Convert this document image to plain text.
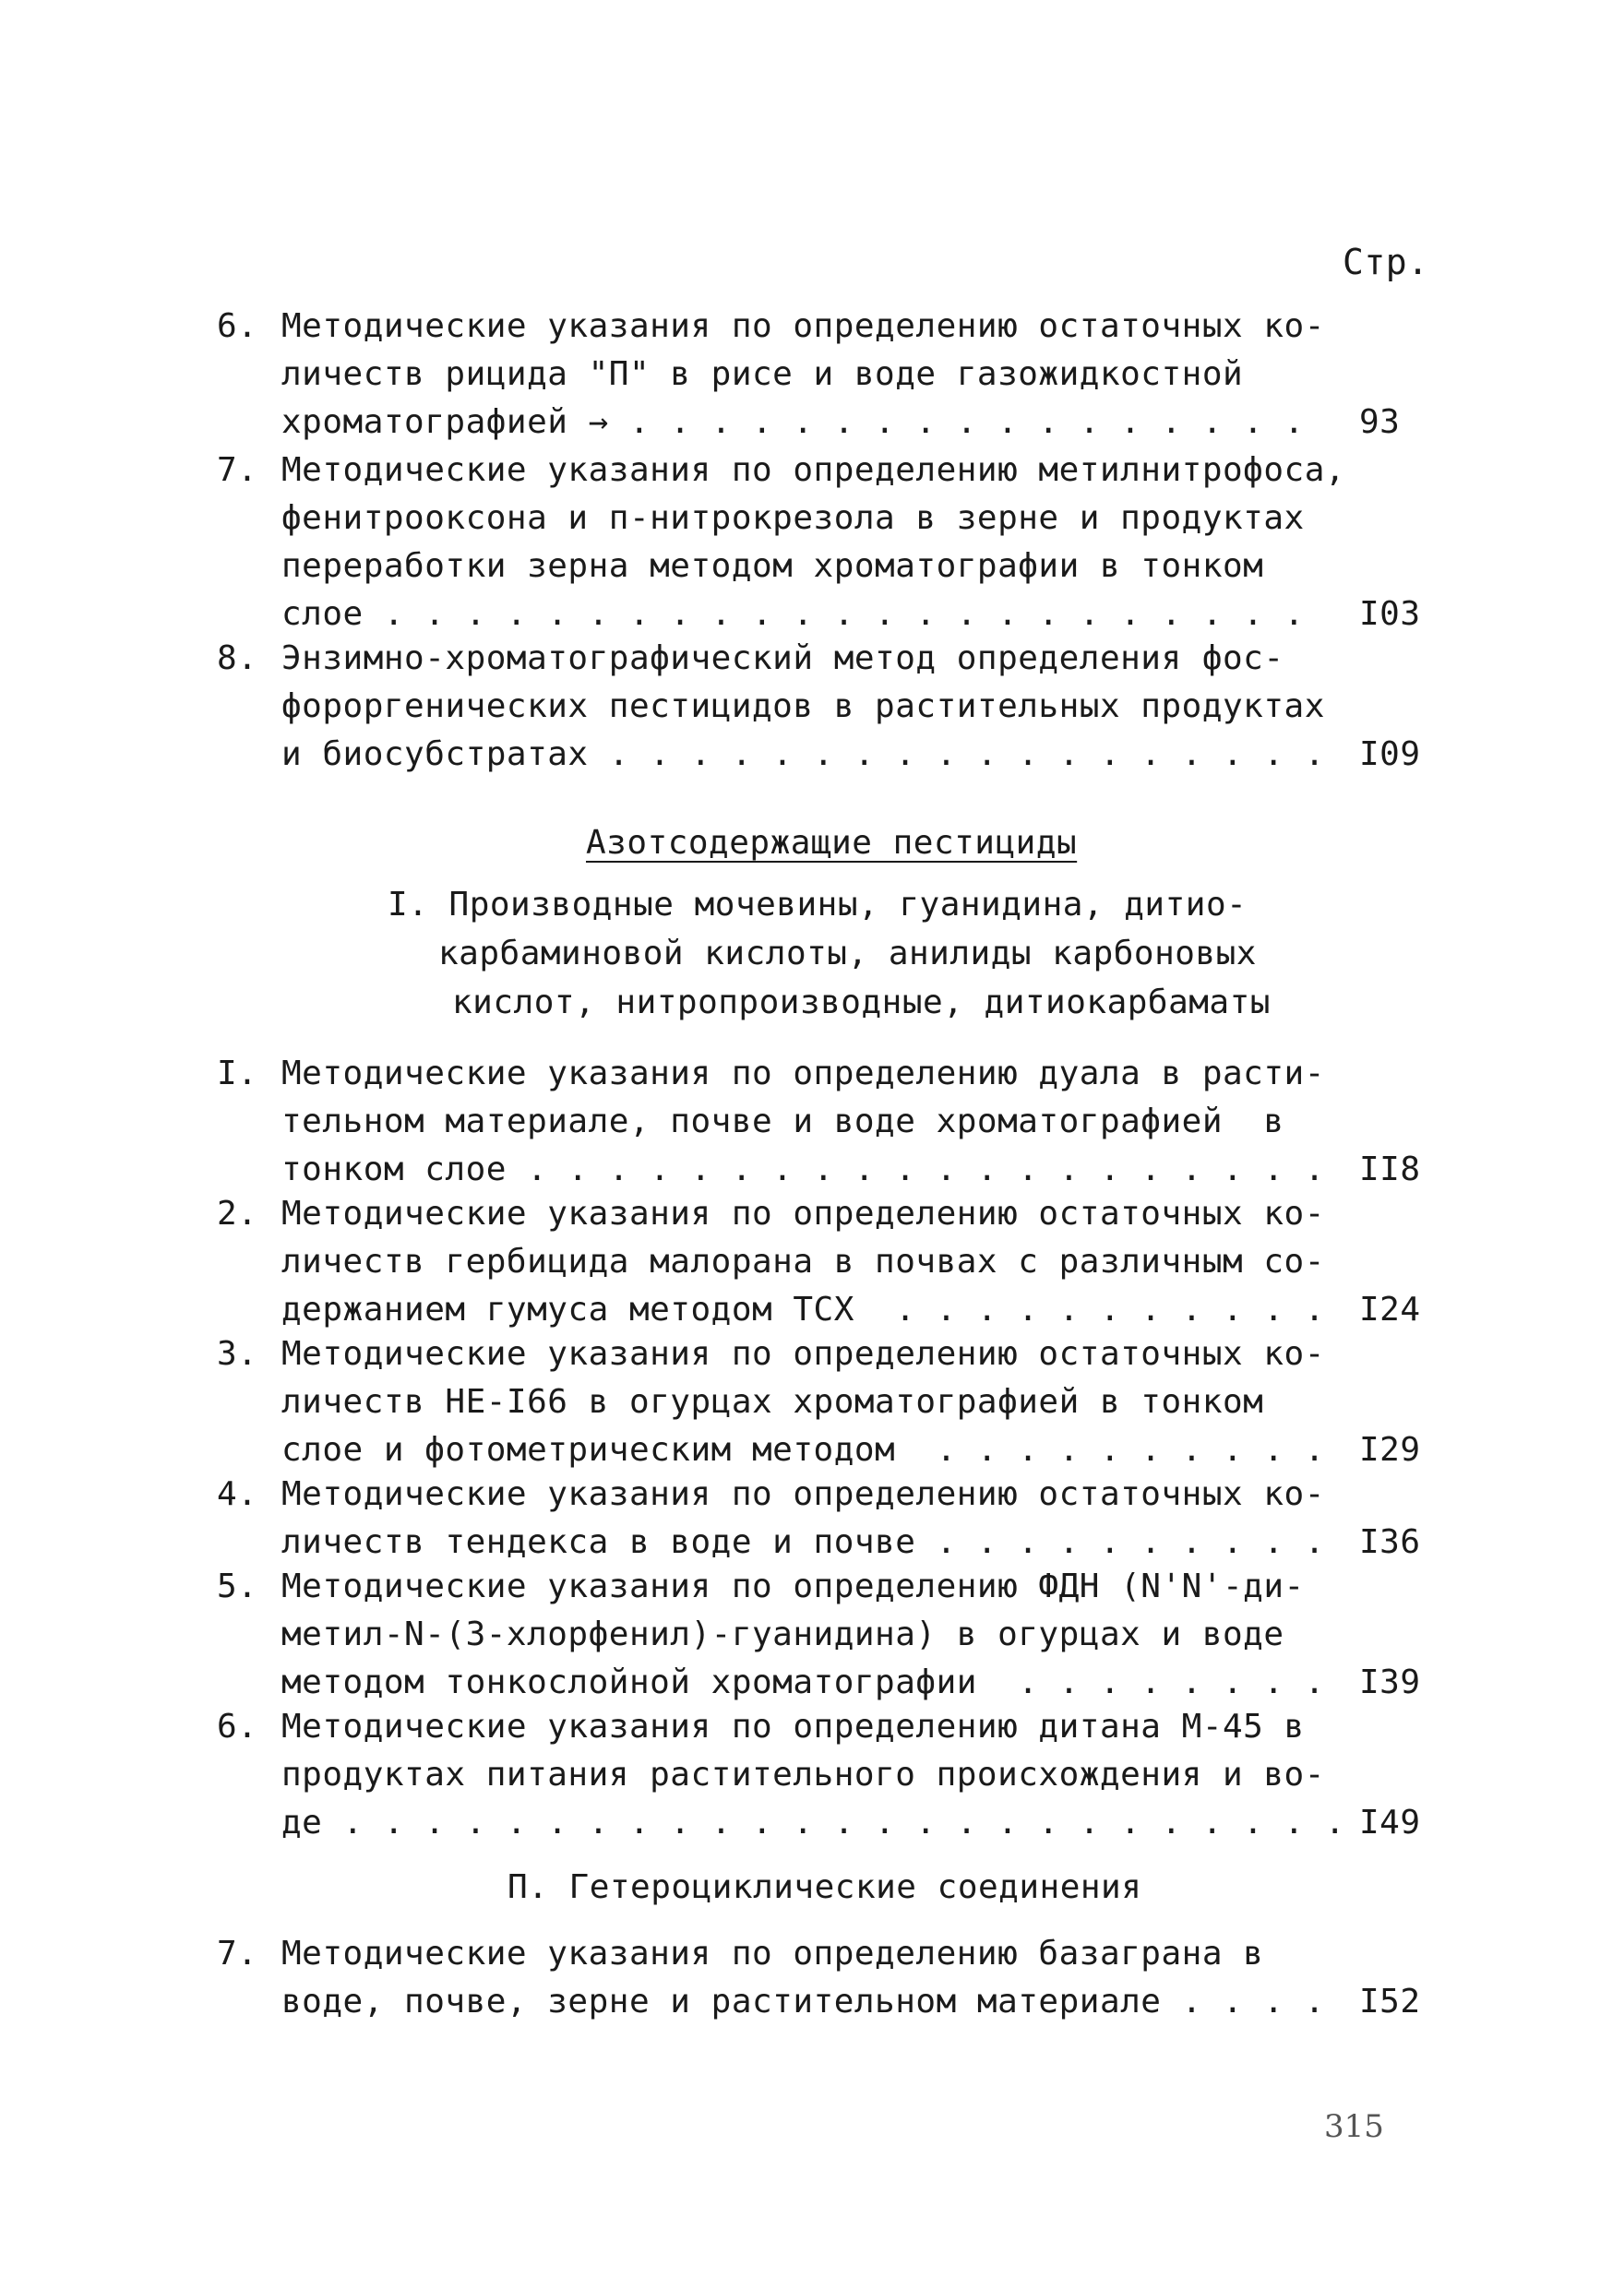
Стр.

6.

Методические указания по определению остаточных ко-

личеств рицида "П" в рисе и воде газожидкостной

хроматографией → . . . . . . . . . . . . . . . . .

93

7.

Методические указания по определению метилнитрофоса,

фенитрооксона и п-нитрокрезола в зерне и продуктах

переработки зерна методом хроматографии в тонком

слое . . . . . . . . . . . . . . . . . . . . . . .

I03

8.

Энзимно-хроматографический метод определения фос-

фороргенических пестицидов в растительных продуктах

и биосубстратах . . . . . . . . . . . . . . . . . .

I09

Азотсодержащие пестициды
I. Производные мочевины, гуанидина, дитио-
карбаминовой кислоты, анилиды карбоновых
кислот, нитропроизводные, дитиокарбаматы

I.

Методические указания по определению дуала в расти-

тельном материале, почве и воде хроматографией  в

тонком слое . . . . . . . . . . . . . . . . . . . .

II8

2.

Методические указания по определению остаточных ко-

личеств гербицида малорана в почвах с различным со-

держанием гумуса методом ТСХ  . . . . . . . . . . .

I24

3.

Методические указания по определению остаточных ко-

личеств НЕ-I66 в огурцах хроматографией в тонком

слое и фотометрическим методом  . . . . . . . . . .

I29

4.

Методические указания по определению остаточных ко-

личеств тендекса в воде и почве . . . . . . . . . .

I36

5.

Методические указания по определению ФДН (N'N'-ди-

метил-N-(3-хлорфенил)-гуанидина) в огурцах и воде

методом тонкослойной хроматографии  . . . . . . . .

I39

6.

Методические указания по определению дитана М-45 в

продуктах питания растительного происхождения и во-

де . . . . . . . . . . . . . . . . . . . . . . . . .

I49

П. Гетероциклические соединения

7.

Методические указания по определению базаграна в

воде, почве, зерне и растительном материале . . . .

I52

315
